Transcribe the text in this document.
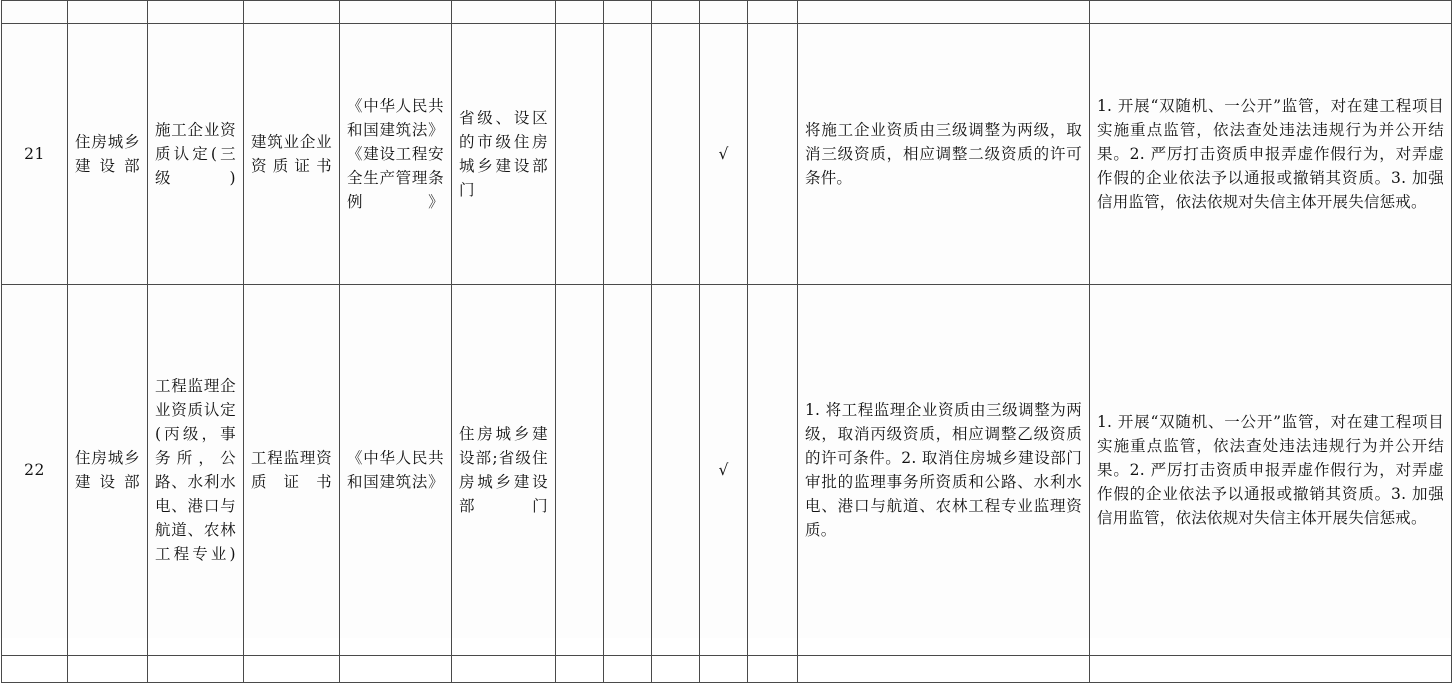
21	住房城乡建设部	施工企业资质认定(三级)	建筑业企业资质证书	《中华人民共和国建筑法》《建设工程安全生产管理条例》	省级、设区的市级住房城乡建设部门				√		将施工企业资质由三级调整为两级，取消三级资质，相应调整二级资质的许可条件。	1. 开展“双随机、一公开”监管，对在建工程项目实施重点监管，依法查处违法违规行为并公开结果。2. 严厉打击资质申报弄虚作假行为，对弄虚作假的企业依法予以通报或撤销其资质。3. 加强信用监管，依法依规对失信主体开展失信惩戒。
22	住房城乡建设部	工程监理企业资质认定(丙级，事务所，公路、水利水电、港口与航道、农林工程专业)	工程监理资质证书	《中华人民共和国建筑法》	住房城乡建设部;省级住房城乡建设部门				√		1. 将工程监理企业资质由三级调整为两级，取消丙级资质，相应调整乙级资质的许可条件。2. 取消住房城乡建设部门审批的监理事务所资质和公路、水利水电、港口与航道、农林工程专业监理资质。	1. 开展“双随机、一公开”监管，对在建工程项目实施重点监管，依法查处违法违规行为并公开结果。2. 严厉打击资质申报弄虚作假行为，对弄虚作假的企业依法予以通报或撤销其资质。3. 加强信用监管，依法依规对失信主体开展失信惩戒。
